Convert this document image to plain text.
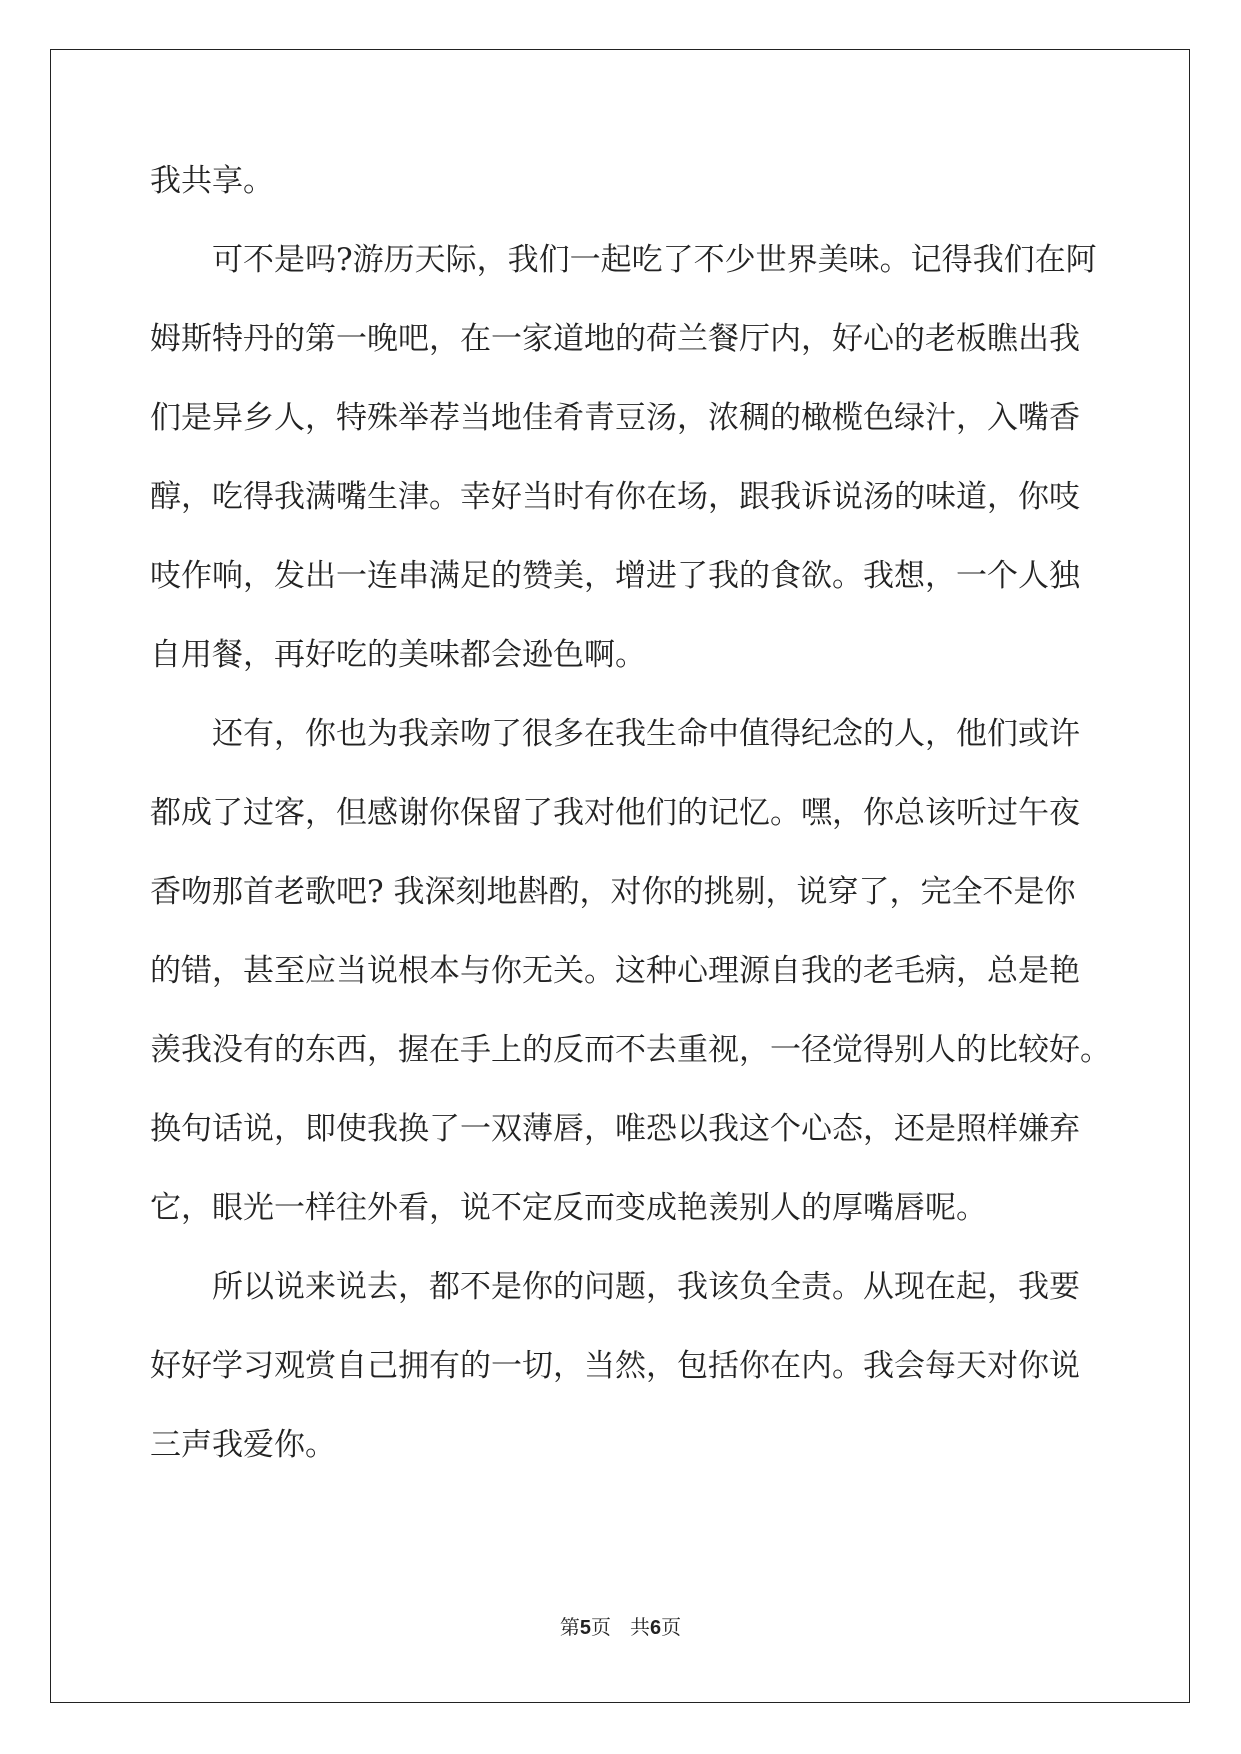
我共享。
可不是吗?游历天际，我们一起吃了不少世界美味。记得我们在阿
姆斯特丹的第一晚吧，在一家道地的荷兰餐厅内，好心的老板瞧出我
们是异乡人，特殊举荐当地佳肴青豆汤，浓稠的橄榄色绿汁，入嘴香
醇，吃得我满嘴生津。幸好当时有你在场，跟我诉说汤的味道，你吱
吱作响，发出一连串满足的赞美，增进了我的食欲。我想，一个人独
自用餐，再好吃的美味都会逊色啊。
还有，你也为我亲吻了很多在我生命中值得纪念的人，他们或许
都成了过客，但感谢你保留了我对他们的记忆。嘿，你总该听过午夜
香吻那首老歌吧? 我深刻地斟酌，对你的挑剔，说穿了，完全不是你
的错，甚至应当说根本与你无关。这种心理源自我的老毛病，总是艳
羡我没有的东西，握在手上的反而不去重视，一径觉得别人的比较好。
换句话说，即使我换了一双薄唇，唯恐以我这个心态，还是照样嫌弃
它，眼光一样往外看，说不定反而变成艳羡别人的厚嘴唇呢。
所以说来说去，都不是你的问题，我该负全责。从现在起，我要
好好学习观赏自己拥有的一切，当然，包括你在内。我会每天对你说
三声我爱你。
第5页 共6页
